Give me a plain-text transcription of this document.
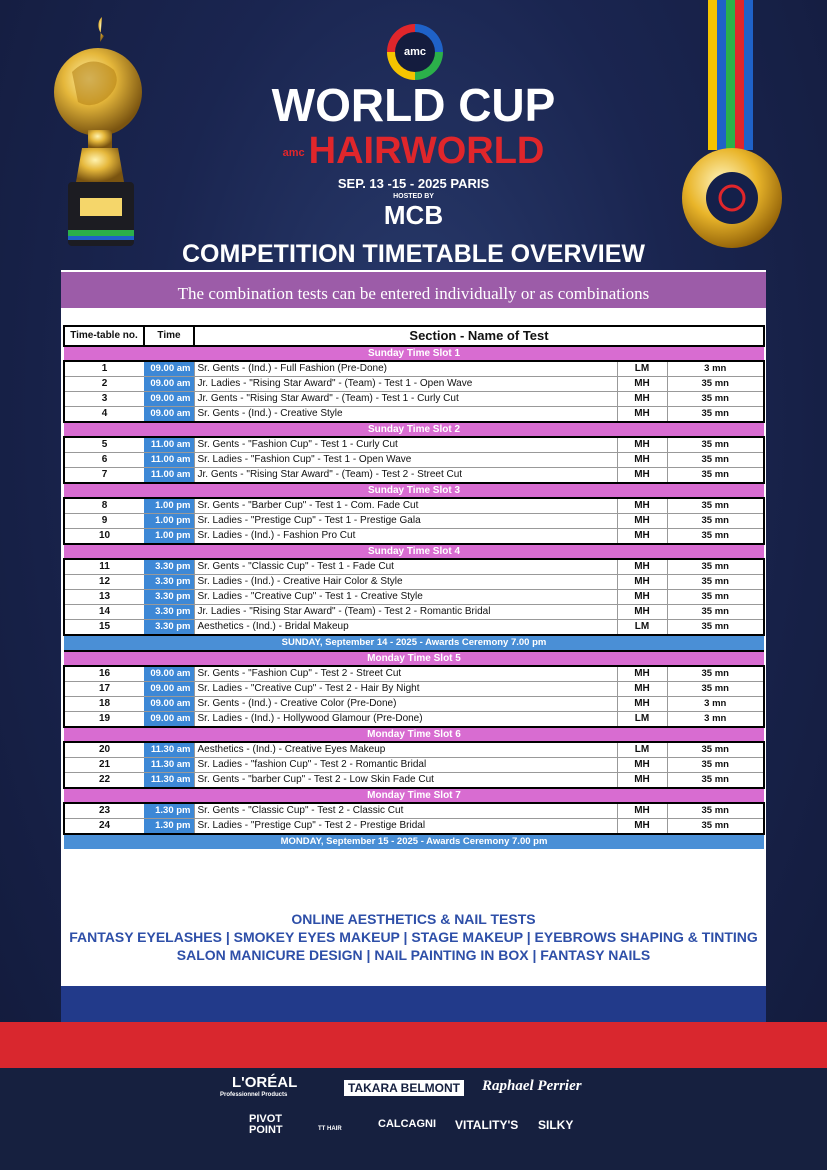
amc
WORLD CUP
amc HAIRWORLD
SEP. 13 -15 - 2025 PARIS
HOSTED BY
MCB
COMPETITION TIMETABLE OVERVIEW
The combination tests can be entered individually or as combinations
Time-table no.	Time	Section - Name of Test		
Sunday Time Slot 1				
1	09.00 am	Sr. Gents - (Ind.) - Full Fashion (Pre-Done)	LM	3 mn
2	09.00 am	Jr. Ladies - "Rising Star Award" - (Team) - Test 1 - Open Wave	MH	35 mn
3	09.00 am	Jr. Gents - "Rising Star Award" - (Team) - Test 1 - Curly Cut	MH	35 mn
4	09.00 am	Sr. Gents - (Ind.) - Creative Style	MH	35 mn
Sunday Time Slot 2				
5	11.00 am	Sr. Gents - "Fashion Cup" - Test 1 - Curly Cut	MH	35 mn
6	11.00 am	Sr. Ladies - "Fashion Cup" - Test 1 - Open Wave	MH	35 mn
7	11.00 am	Jr. Gents - "Rising Star Award" - (Team) - Test 2 - Street Cut	MH	35 mn
Sunday Time Slot 3				
8	1.00 pm	Sr. Gents - "Barber Cup" - Test 1 - Com. Fade Cut	MH	35 mn
9	1.00 pm	Sr. Ladies - "Prestige Cup" - Test 1 - Prestige Gala	MH	35 mn
10	1.00 pm	Sr. Ladies - (Ind.) - Fashion Pro Cut	MH	35 mn
Sunday Time Slot 4				
11	3.30 pm	Sr. Gents - "Classic Cup" - Test 1 - Fade Cut	MH	35 mn
12	3.30 pm	Sr. Ladies - (Ind.) - Creative Hair Color & Style	MH	35 mn
13	3.30 pm	Sr. Ladies - "Creative Cup" - Test 1 - Creative Style	MH	35 mn
14	3.30 pm	Jr. Ladies - "Rising Star Award" - (Team) - Test 2 - Romantic Bridal	MH	35 mn
15	3.30 pm	Aesthetics - (Ind.) - Bridal Makeup	LM	35 mn
SUNDAY, September 14 - 2025 - Awards Ceremony 7.00 pm				
Monday Time Slot 5				
16	09.00 am	Sr. Gents - "Fashion Cup" - Test 2 - Street Cut	MH	35 mn
17	09.00 am	Sr. Ladies - "Creative Cup" - Test 2 - Hair By Night	MH	35 mn
18	09.00 am	Sr. Gents - (Ind.) - Creative Color (Pre-Done)	MH	3 mn
19	09.00 am	Sr. Ladies - (Ind.) - Hollywood Glamour (Pre-Done)	LM	3 mn
Monday Time Slot 6				
20	11.30 am	Aesthetics - (Ind.) - Creative Eyes Makeup	LM	35 mn
21	11.30 am	Sr. Ladies - "fashion Cup" - Test 2 - Romantic Bridal	MH	35 mn
22	11.30 am	Sr. Gents - "barber Cup" - Test 2 - Low Skin Fade Cut	MH	35 mn
Monday Time Slot 7				
23	1.30 pm	Sr. Gents - "Classic Cup" - Test 2 - Classic Cut	MH	35 mn
24	1.30 pm	Sr. Ladies - "Prestige Cup" - Test 2 - Prestige Bridal	MH	35 mn
MONDAY, September 15 - 2025 - Awards Ceremony 7.00 pm				
ONLINE AESTHETICS & NAIL TESTS
FANTASY EYELASHES | SMOKEY EYES MAKEUP | STAGE MAKEUP | EYEBROWS SHAPING & TINTING
SALON MANICURE DESIGN | NAIL PAINTING IN BOX | FANTASY NAILS
L'ORÉAL
Professionnel Products	TAKARA BELMONT Raphael Perrier
PIVOT POINT	TT HAIR	CALCAGNI VITALITY'S SILKY
